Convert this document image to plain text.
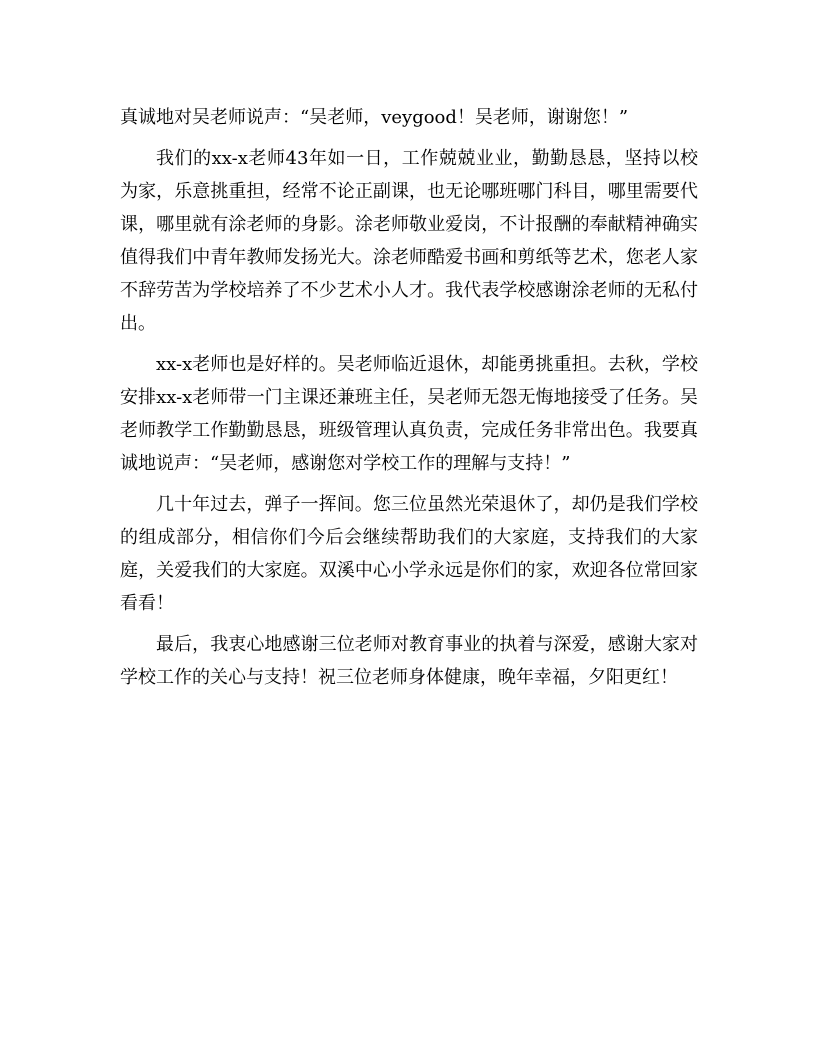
真诚地对吴老师说声：“吴老师，veygood！吴老师，谢谢您！”

我们的xx-x老师43年如一日，工作兢兢业业，勤勤恳恳，坚持以校为家，乐意挑重担，经常不论正副课，也无论哪班哪门科目，哪里需要代课，哪里就有涂老师的身影。涂老师敬业爱岗，不计报酬的奉献精神确实值得我们中青年教师发扬光大。涂老师酷爱书画和剪纸等艺术，您老人家不辞劳苦为学校培养了不少艺术小人才。我代表学校感谢涂老师的无私付出。

xx-x老师也是好样的。吴老师临近退休，却能勇挑重担。去秋，学校安排xx-x老师带一门主课还兼班主任，吴老师无怨无悔地接受了任务。吴老师教学工作勤勤恳恳，班级管理认真负责，完成任务非常出色。我要真诚地说声：“吴老师，感谢您对学校工作的理解与支持！”

几十年过去，弹子一挥间。您三位虽然光荣退休了，却仍是我们学校的组成部分，相信你们今后会继续帮助我们的大家庭，支持我们的大家庭，关爱我们的大家庭。双溪中心小学永远是你们的家，欢迎各位常回家看看！

最后，我衷心地感谢三位老师对教育事业的执着与深爱，感谢大家对学校工作的关心与支持！祝三位老师身体健康，晚年幸福，夕阳更红！
